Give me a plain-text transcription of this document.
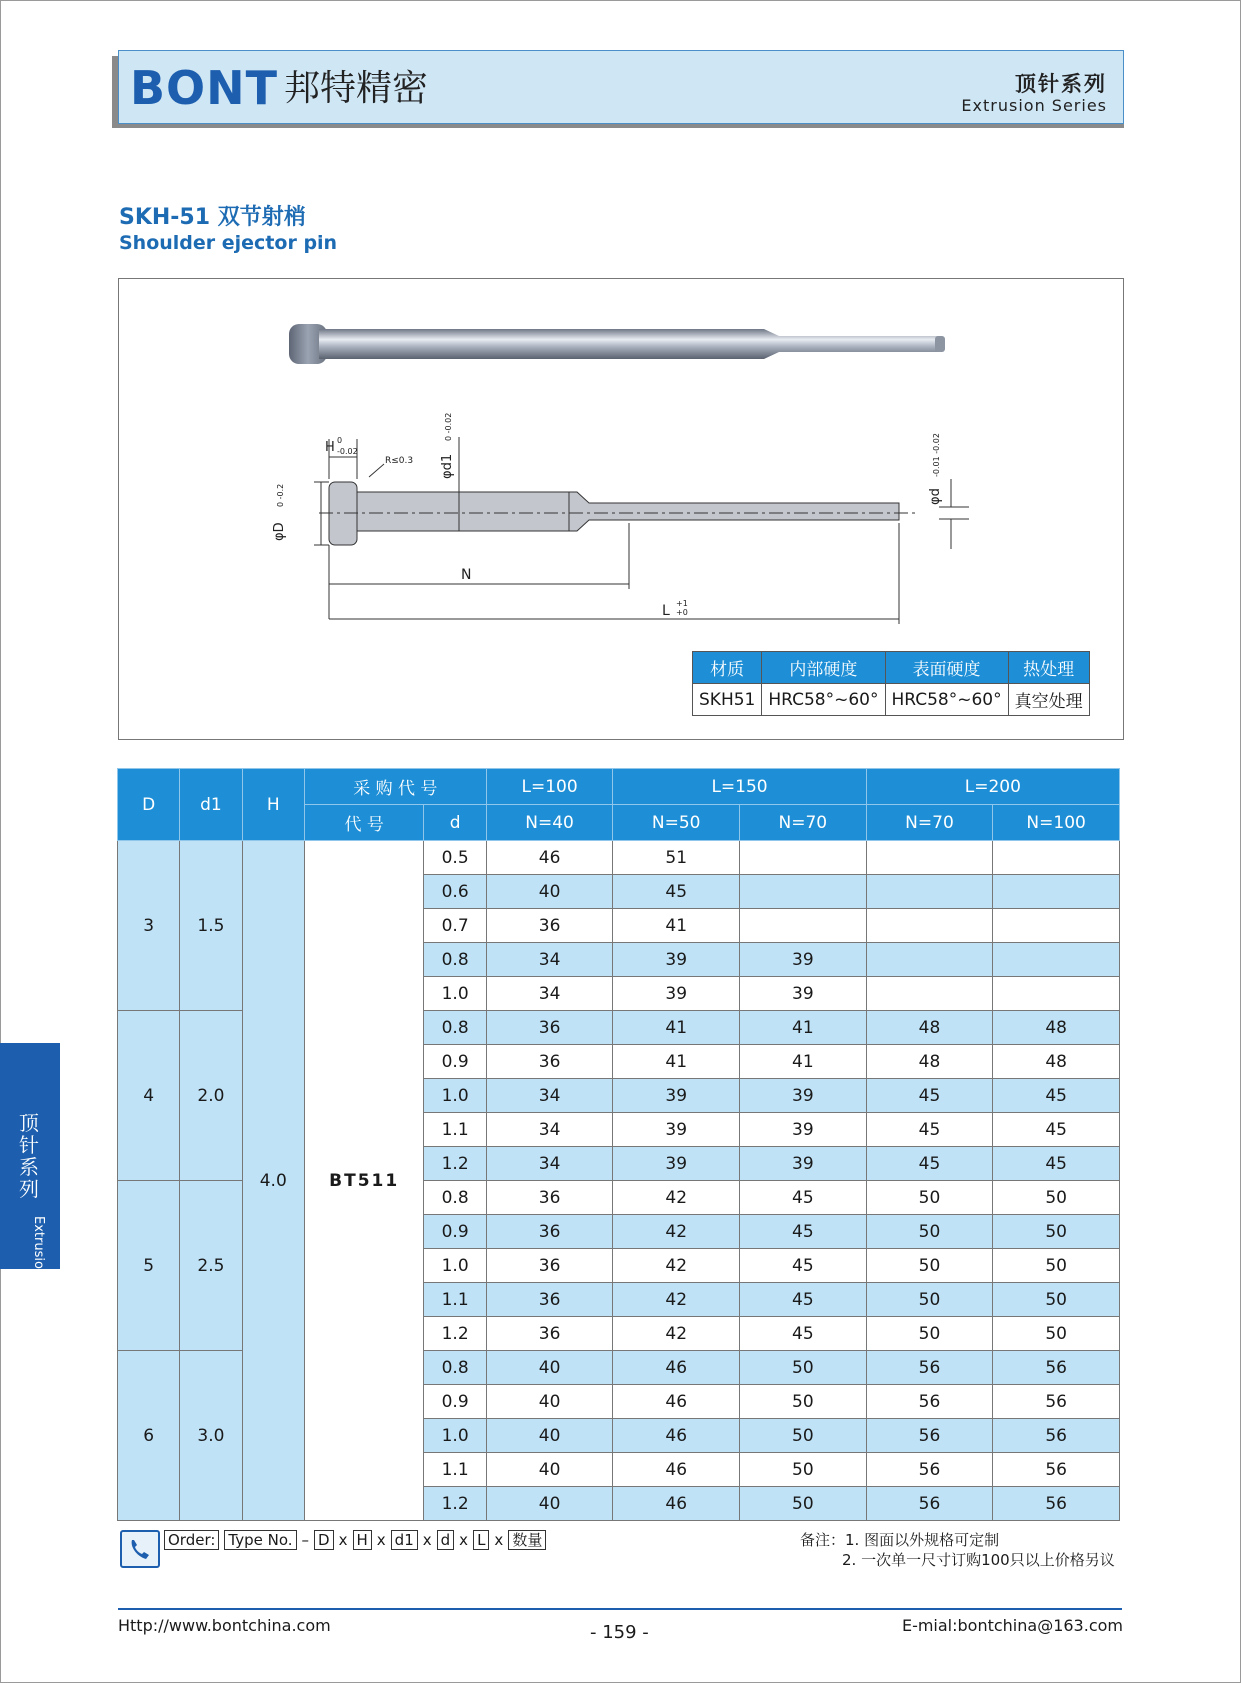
BONT 邦特精密	顶针系列
Extrusion Series
SKH-51 双节射梢
Shoulder ejector pin
H 0
-0.02
R≤0.3 φd1
0 -0.02
φD
0 -0.2	φd
-0.01 -0.02
N
L +1
+0
材质	内部硬度	表面硬度	热处理
SKH51	HRC58°~60°	HRC58°~60°	真空处理
D	d1	H	采 购 代 号		L=100	L=150		L=200	
			代 号	d	N=40	N=50	N=70	N=70	N=100
3	1.5	4.0	BT511	0.5	46	51			
				0.6	40	45			
				0.7	36	41			
				0.8	34	39	39		
				1.0	34	39	39		
4	2.0			0.8	36	41	41	48	48
				0.9	36	41	41	48	48
				1.0	34	39	39	45	45
				1.1	34	39	39	45	45
				1.2	34	39	39	45	45
5	2.5			0.8	36	42	45	50	50
				0.9	36	42	45	50	50
				1.0	36	42	45	50	50
				1.1	36	42	45	50	50
				1.2	36	42	45	50	50
6	3.0			0.8	40	46	50	56	56
				0.9	40	46	50	56	56
				1.0	40	46	50	56	56
				1.1	40	46	50	56	56
				1.2	40	46	50	56	56
顶针系列
Extrusion Series
Order: Type No. – D x H x d1 x d x L x 数量	备注：1. 图面以外规格可定制
2. 一次单一尺寸订购100只以上价格另议
Http://www.bontchina.com	- 159 -	E-mial:bontchina@163.com
